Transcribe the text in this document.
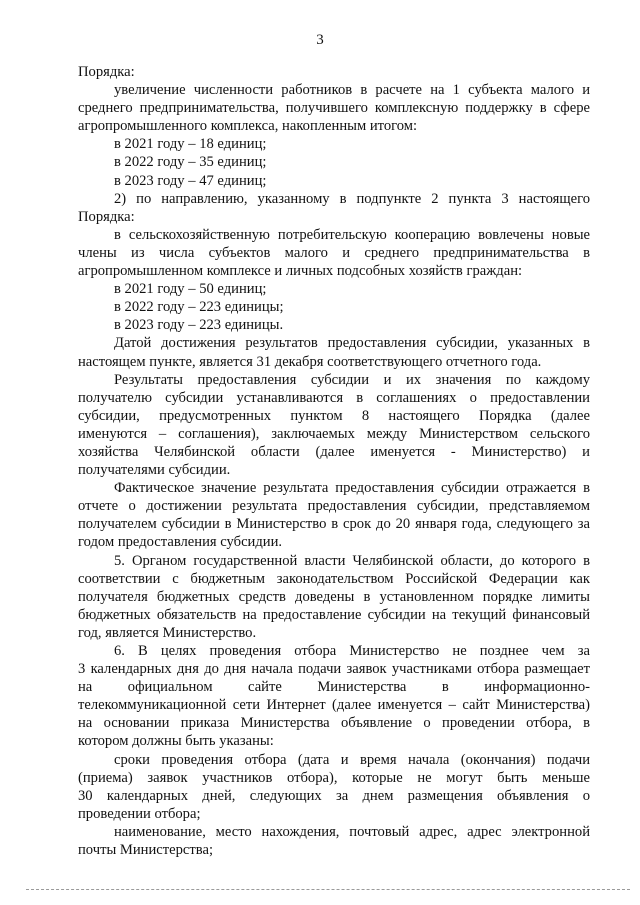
3
Порядка:
увеличение численности работников в расчете на 1 субъекта малого и
среднего предпринимательства, получившего комплексную поддержку в сфере
агропромышленного комплекса, накопленным итогом:
в 2021 году – 18 единиц;
в 2022 году – 35 единиц;
в 2023 году – 47 единиц;
2) по направлению, указанному в подпункте 2 пункта 3 настоящего
Порядка:
в сельскохозяйственную потребительскую кооперацию вовлечены новые
члены из числа субъектов малого и среднего предпринимательства в
агропромышленном комплексе и личных подсобных хозяйств граждан:
в 2021 году – 50 единиц;
в 2022 году – 223 единицы;
в 2023 году – 223 единицы.
Датой достижения результатов предоставления субсидии, указанных в
настоящем пункте, является 31 декабря соответствующего отчетного года.
Результаты предоставления субсидии и их значения по каждому
получателю субсидии устанавливаются в соглашениях о предоставлении
субсидии, предусмотренных пунктом 8 настоящего Порядка (далее
именуются – соглашения), заключаемых между Министерством сельского
хозяйства Челябинской области (далее именуется - Министерство) и
получателями субсидии.
Фактическое значение результата предоставления субсидии отражается в
отчете о достижении результата предоставления субсидии, представляемом
получателем субсидии в Министерство в срок до 20 января года, следующего за
годом предоставления субсидии.
5. Органом государственной власти Челябинской области, до которого в
соответствии с бюджетным законодательством Российской Федерации как
получателя бюджетных средств доведены в установленном порядке лимиты
бюджетных обязательств на предоставление субсидии на текущий финансовый
год, является Министерство.
6. В целях проведения отбора Министерство не позднее чем за
3 календарных дня до дня начала подачи заявок участниками отбора размещает
на официальном сайте Министерства в информационно-
телекоммуникационной сети Интернет (далее именуется – сайт Министерства)
на основании приказа Министерства объявление о проведении отбора, в
котором должны быть указаны:
сроки проведения отбора (дата и время начала (окончания) подачи
(приема) заявок участников отбора), которые не могут быть меньше
30 календарных дней, следующих за днем размещения объявления о
проведении отбора;
наименование, место нахождения, почтовый адрес, адрес электронной
почты Министерства;
